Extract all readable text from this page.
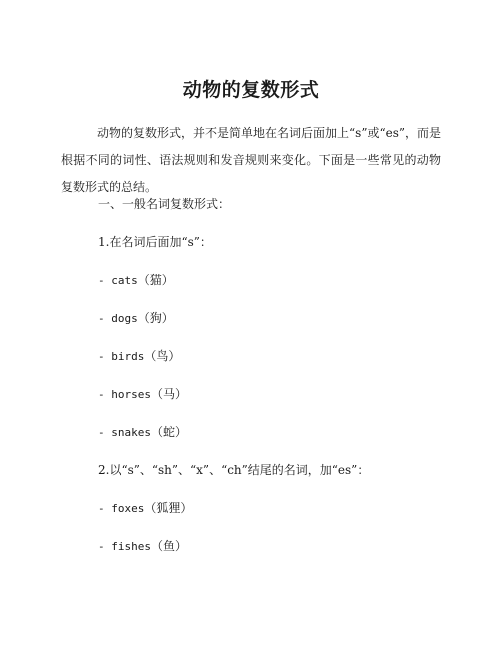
动物的复数形式
动物的复数形式，并不是简单地在名词后面加上“s”或“es”，而是根据不同的词性、语法规则和发音规则来变化。下面是一些常见的动物复数形式的总结。
一、一般名词复数形式：
1.在名词后面加“s”：
- cats（猫）
- dogs（狗）
- birds（鸟）
- horses（马）
- snakes（蛇）
2.以“s”、“sh”、“x”、“ch”结尾的名词，加“es”：
- foxes（狐狸）
- fishes（鱼）
